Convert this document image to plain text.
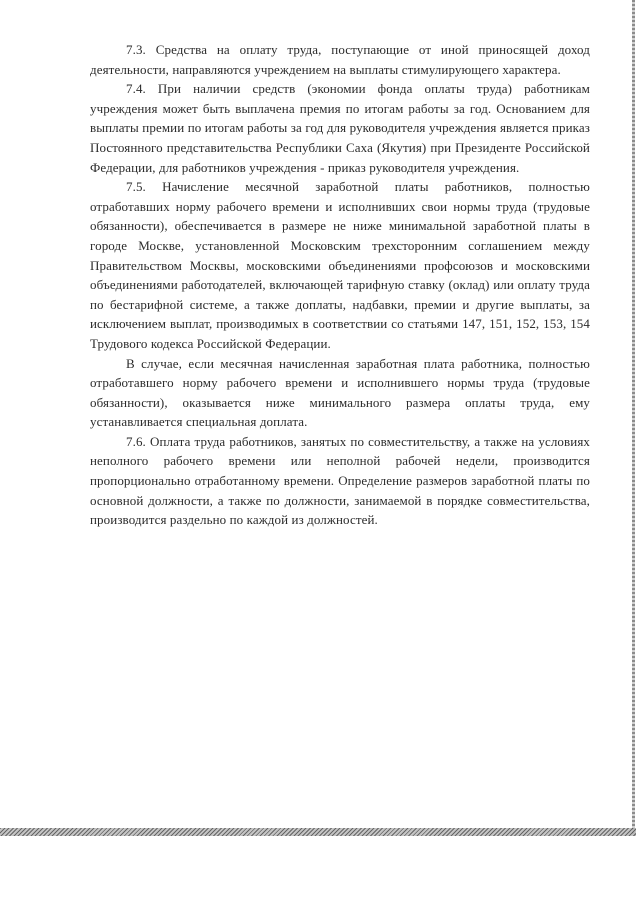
7.3. Средства на оплату труда, поступающие от иной приносящей доход деятельности, направляются учреждением на выплаты стимулирующего характера.

7.4. При наличии средств (экономии фонда оплаты труда) работникам учреждения может быть выплачена премия по итогам работы за год. Основанием для выплаты премии по итогам работы за год для руководителя учреждения является приказ Постоянного представительства Республики Саха (Якутия) при Президенте Российской Федерации, для работников учреждения - приказ руководителя учреждения.

7.5. Начисление месячной заработной платы работников, полностью отработавших норму рабочего времени и исполнивших свои нормы труда (трудовые обязанности), обеспечивается в размере не ниже минимальной заработной платы в городе Москве, установленной Московским трехсторонним соглашением между Правительством Москвы, московскими объединениями профсоюзов и московскими объединениями работодателей, включающей тарифную ставку (оклад) или оплату труда по бестарифной системе, а также доплаты, надбавки, премии и другие выплаты, за исключением выплат, производимых в соответствии со статьями 147, 151, 152, 153, 154 Трудового кодекса Российской Федерации.

В случае, если месячная начисленная заработная плата работника, полностью отработавшего норму рабочего времени и исполнившего нормы труда (трудовые обязанности), оказывается ниже минимального размера оплаты труда, ему устанавливается специальная доплата.

7.6. Оплата труда работников, занятых по совместительству, а также на условиях неполного рабочего времени или неполной рабочей недели, производится пропорционально отработанному времени. Определение размеров заработной платы по основной должности, а также по должности, занимаемой в порядке совместительства, производится раздельно по каждой из должностей.
